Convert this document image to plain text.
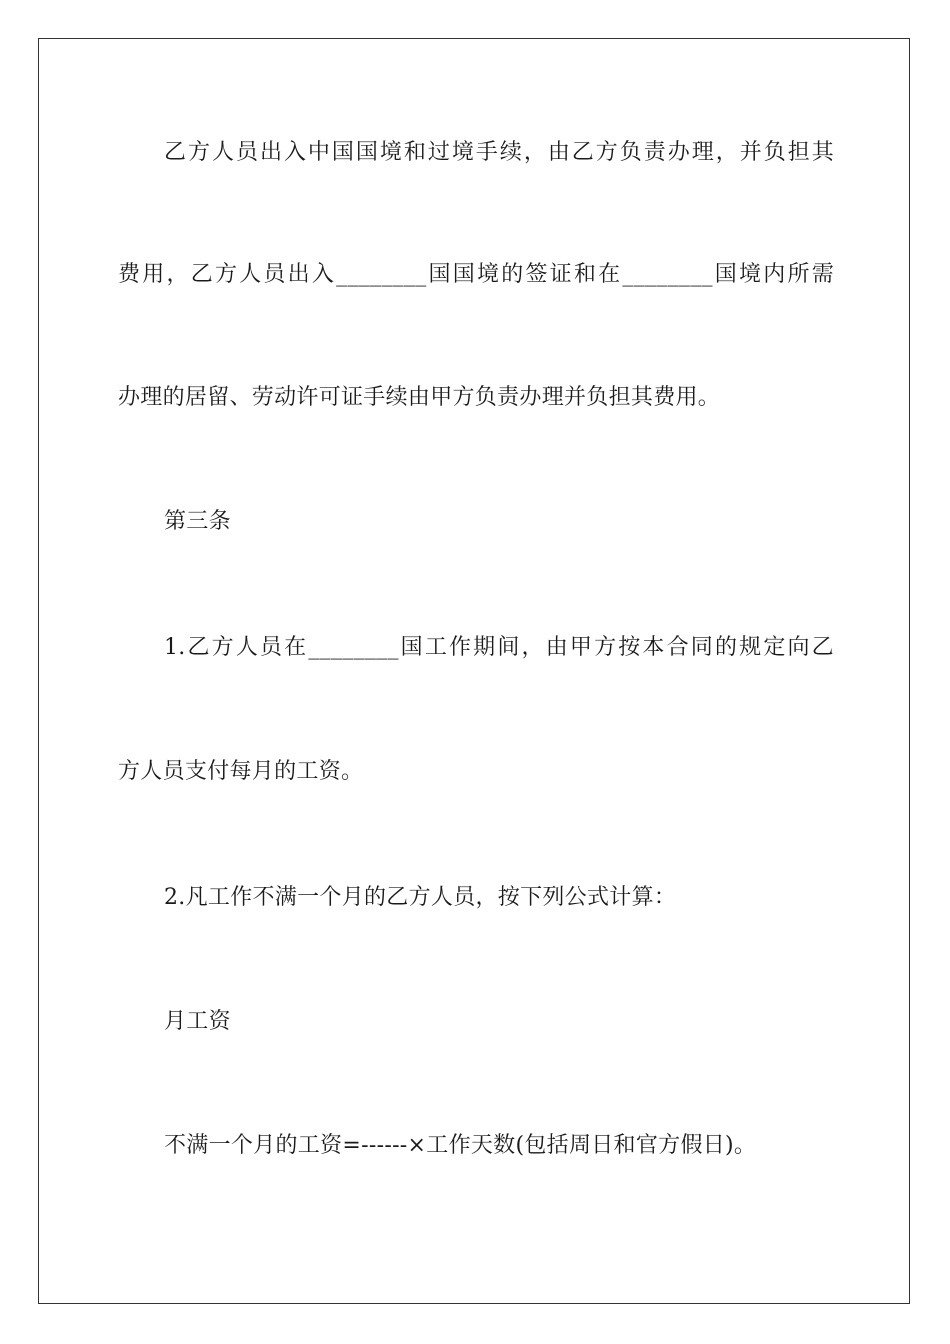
乙方人员出入中国国境和过境手续，由乙方负责办理，并负担其
费用，乙方人员出入________国国境的签证和在________国境内所需
办理的居留、劳动许可证手续由甲方负责办理并负担其费用。
第三条
1.乙方人员在________国工作期间，由甲方按本合同的规定向乙
方人员支付每月的工资。
2.凡工作不满一个月的乙方人员，按下列公式计算：
月工资
不满一个月的工资=------×工作天数(包括周日和官方假日)。
